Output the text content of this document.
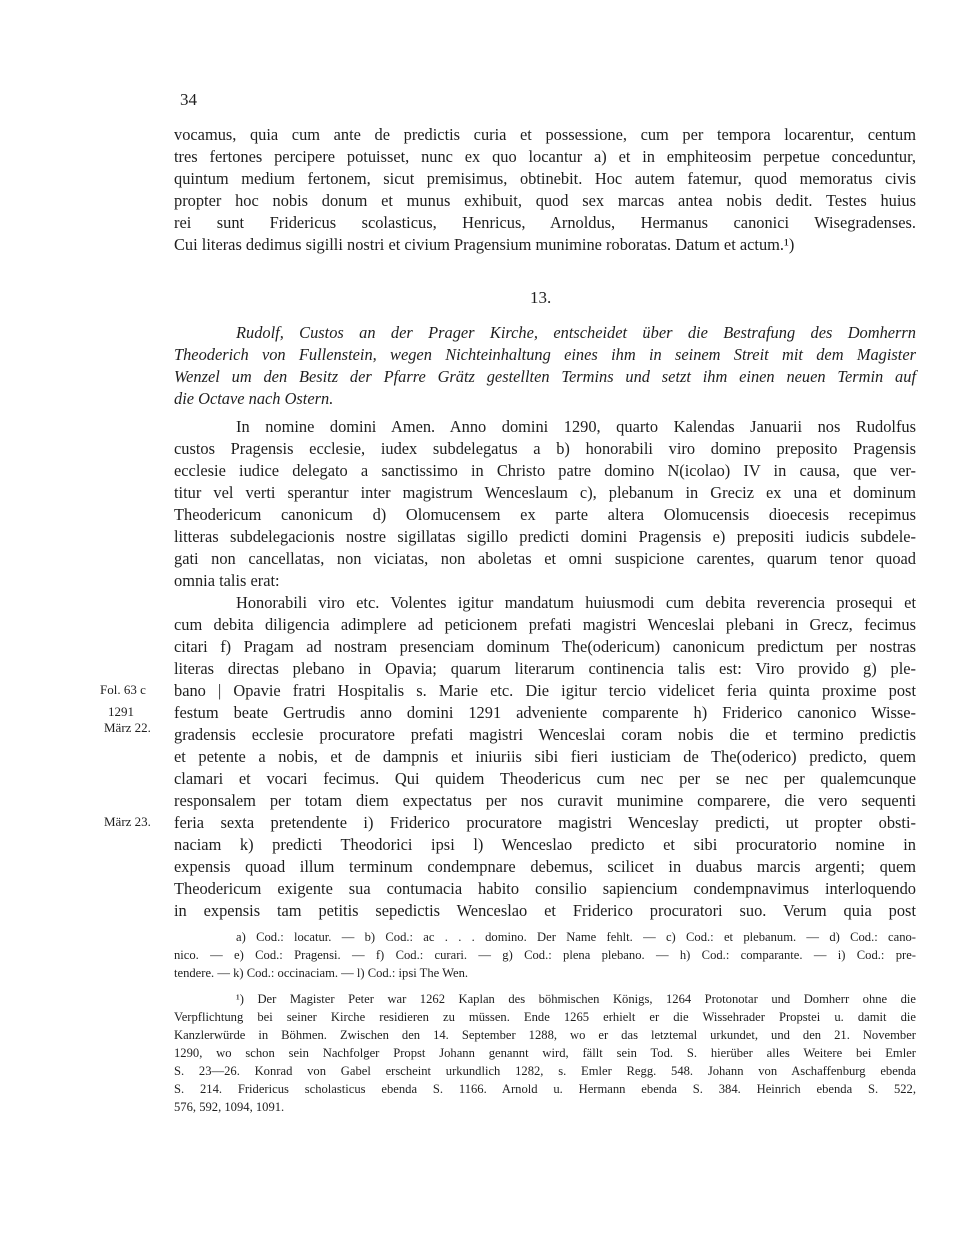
34
vocamus, quia cum ante de predictis curia et possessione, cum per tempora locarentur, centum
tres fertones percipere potuisset, nunc ex quo locantur a) et in emphiteosim perpetue conceduntur,
quintum medium fertonem, sicut premisimus, obtinebit. Hoc autem fatemur, quod memoratus civis
propter hoc nobis donum et munus exhibuit, quod sex marcas antea nobis dedit. Testes huius
rei sunt Fridericus scolasticus, Henricus, Arnoldus, Hermanus canonici Wisegradenses.
Cui literas dedimus sigilli nostri et civium Pragensium munimine roboratas. Datum et actum.¹)
13.
Rudolf, Custos an der Prager Kirche, entscheidet über die Bestrafung des Domherrn
Theoderich von Fullenstein, wegen Nichteinhaltung eines ihm in seinem Streit mit dem Magister
Wenzel um den Besitz der Pfarre Grätz gestellten Termins und setzt ihm einen neuen Termin auf
die Octave nach Ostern.
In nomine domini Amen. Anno domini 1290, quarto Kalendas Januarii nos Rudolfus
custos Pragensis ecclesie, iudex subdelegatus a b) honorabili viro domino preposito Pragensis
ecclesie iudice delegato a sanctissimo in Christo patre domino N(icolao) IV in causa, que ver-
titur vel verti sperantur inter magistrum Wenceslaum c), plebanum in Greciz ex una et dominum
Theodericum canonicum d) Olomucensem ex parte altera Olomucensis dioecesis recepimus
litteras subdelegacionis nostre sigillatas sigillo predicti domini Pragensis e) prepositi iudicis subdele-
gati non cancellatas, non viciatas, non aboletas et omni suspicione carentes, quarum tenor quoad
omnia talis erat:
Honorabili viro etc. Volentes igitur mandatum huiusmodi cum debita reverencia prosequi et
cum debita diligencia adimplere ad peticionem prefati magistri Wenceslai plebani in Grecz, fecimus
citari f) Pragam ad nostram presenciam dominum The(odericum) canonicum predictum per nostras
literas directas plebano in Opavia; quarum literarum continencia talis est: Viro provido g) ple-
bano | Opavie fratri Hospitalis s. Marie etc. Die igitur tercio videlicet feria quinta proxime post
festum beate Gertrudis anno domini 1291 adveniente comparente h) Friderico canonico Wisse-
gradensis ecclesie procuratore prefati magistri Wenceslai coram nobis die et termino predictis
et petente a nobis, et de dampnis et iniuriis sibi fieri iusticiam de The(oderico) predicto, quem
clamari et vocari fecimus. Qui quidem Theodericus cum nec per se nec per qualemcunque
responsalem per totam diem expectatus per nos curavit munimine comparere, die vero sequenti
feria sexta pretendente i) Friderico procuratore magistri Wenceslay predicti, ut propter obsti-
naciam k) predicti Theodorici ipsi l) Wenceslao predicto et sibi procuratorio nomine in
expensis quoad illum terminum condempnare debemus, scilicet in duabus marcis argenti; quem
Theodericum exigente sua contumacia habito consilio sapiencium condempnavimus interloquendo
in expensis tam petitis sepedictis Wenceslao et Friderico procuratori suo. Verum quia post
Fol. 63 c
1291
März 22.
März 23.
a) Cod.: locatur. — b) Cod.: ac . . . domino. Der Name fehlt. — c) Cod.: et plebanum. — d) Cod.: cano-
nico. — e) Cod.: Pragensi. — f) Cod.: curari. — g) Cod.: plena plebano. — h) Cod.: comparante. — i) Cod.: pre-
tendere. — k) Cod.: occinaciam. — l) Cod.: ipsi The Wen.
¹) Der Magister Peter war 1262 Kaplan des böhmischen Königs, 1264 Protonotar und Domherr ohne die
Verpflichtung bei seiner Kirche residieren zu müssen. Ende 1265 erhielt er die Wissehrader Propstei u. damit die
Kanzlerwürde in Böhmen. Zwischen den 14. September 1288, wo er das letztemal urkundet, und den 21. November
1290, wo schon sein Nachfolger Propst Johann genannt wird, fällt sein Tod. S. hierüber alles Weitere bei Emler
S. 23—26. Konrad von Gabel erscheint urkundlich 1282, s. Emler Regg. 548. Johann von Aschaffenburg ebenda
S. 214. Fridericus scholasticus ebenda S. 1166. Arnold u. Hermann ebenda S. 384. Heinrich ebenda S. 522,
576, 592, 1094, 1091.
